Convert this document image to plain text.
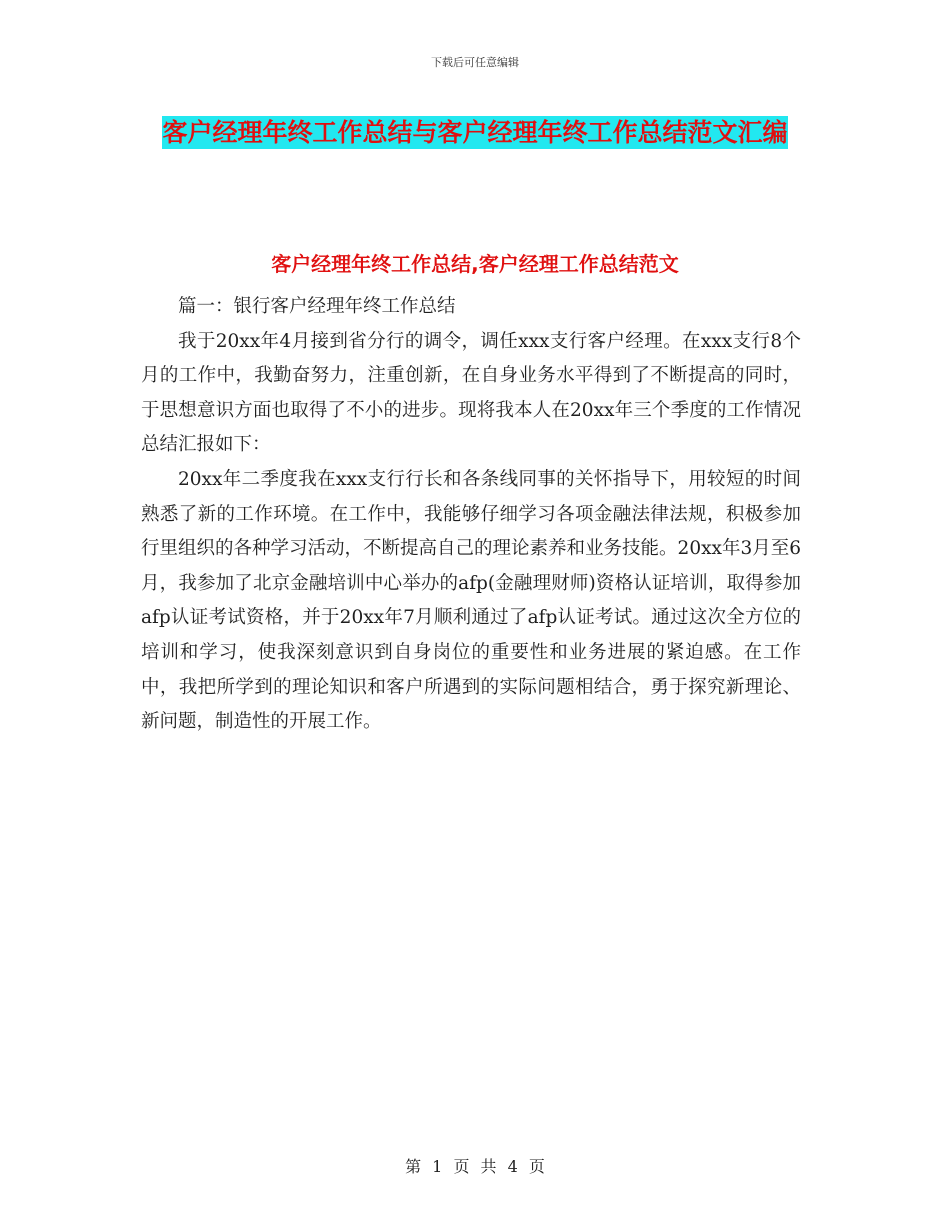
下载后可任意编辑
客户经理年终工作总结与客户经理年终工作总结范文汇编
客户经理年终工作总结,客户经理工作总结范文

篇一：银行客户经理年终工作总结

我于20xx年4月接到省分行的调令，调任xxx支行客户经理。在xxx支行8个月的工作中，我勤奋努力，注重创新，在自身业务水平得到了不断提高的同时，于思想意识方面也取得了不小的进步。现将我本人在20xx年三个季度的工作情况总结汇报如下：

20xx年二季度我在xxx支行行长和各条线同事的关怀指导下，用较短的时间熟悉了新的工作环境。在工作中，我能够仔细学习各项金融法律法规，积极参加行里组织的各种学习活动，不断提高自己的理论素养和业务技能。20xx年3月至6月，我参加了北京金融培训中心举办的afp(金融理财师)资格认证培训，取得参加afp认证考试资格，并于20xx年7月顺利通过了afp认证考试。通过这次全方位的培训和学习，使我深刻意识到自身岗位的重要性和业务进展的紧迫感。在工作中，我把所学到的理论知识和客户所遇到的实际问题相结合，勇于探究新理论、新问题，制造性的开展工作。

第 1 页 共 4 页
